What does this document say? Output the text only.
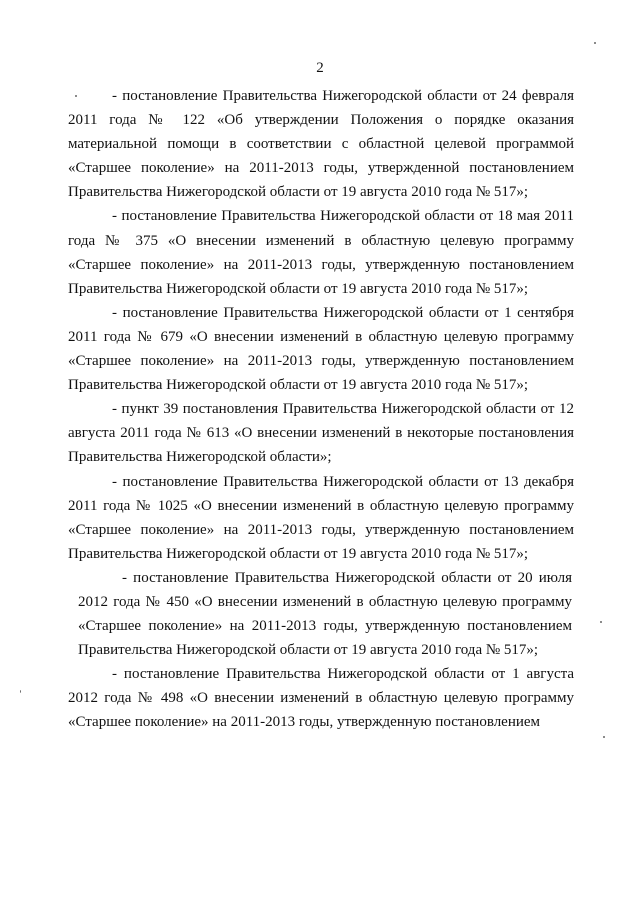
2

- постановление Правительства Нижегородской области от 24 февраля 2011 года № 122 «Об утверждении Положения о порядке оказания материальной помощи в соответствии с областной целевой программой «Старшее поколение» на 2011-2013 годы, утвержденной постановлением Правительства Нижегородской области от 19 августа 2010 года № 517»;

- постановление Правительства Нижегородской области от 18 мая 2011 года № 375 «О внесении изменений в областную целевую программу «Старшее поколение» на 2011-2013 годы, утвержденную постановлением Правительства Нижегородской области от 19 августа 2010 года № 517»;

- постановление Правительства Нижегородской области от 1 сентября 2011 года № 679 «О внесении изменений в областную целевую программу «Старшее поколение» на 2011-2013 годы, утвержденную постановлением Правительства Нижегородской области от 19 августа 2010 года № 517»;

- пункт 39 постановления Правительства Нижегородской области от 12 августа 2011 года № 613 «О внесении изменений в некоторые постановления Правительства Нижегородской области»;

- постановление Правительства Нижегородской области от 13 декабря 2011 года № 1025 «О внесении изменений в областную целевую программу «Старшее поколение» на 2011-2013 годы, утвержденную постановлением Правительства Нижегородской области от 19 августа 2010 года № 517»;

- постановление Правительства Нижегородской области от 20 июля 2012 года № 450 «О внесении изменений в областную целевую программу «Старшее поколение» на 2011-2013 годы, утвержденную постановлением Правительства Нижегородской области от 19 августа 2010 года № 517»;

- постановление Правительства Нижегородской области от 1 августа 2012 года № 498 «О внесении изменений в областную целевую программу «Старшее поколение» на 2011-2013 годы, утвержденную постановлением
